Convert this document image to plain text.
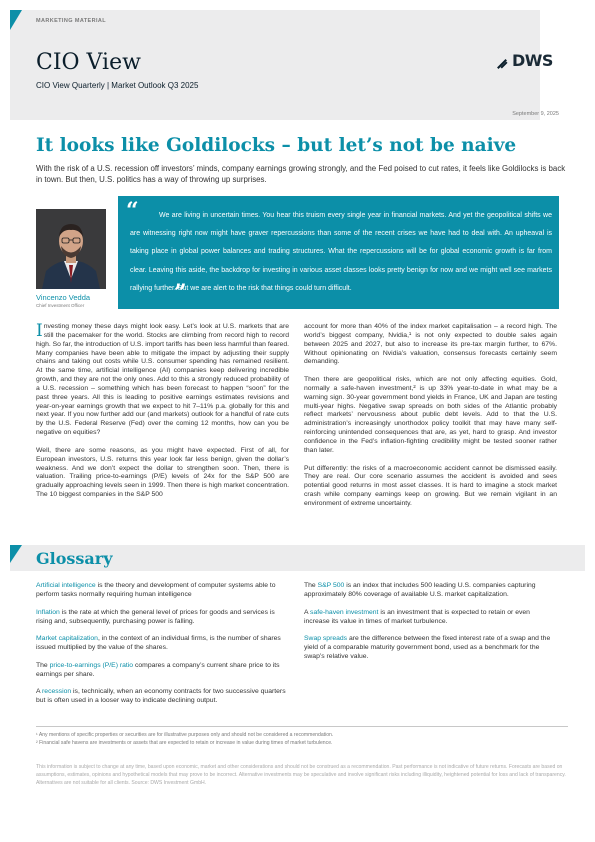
MARKETING MATERIAL
CIO View
CIO View Quarterly | Market Outlook Q3 2025
DWS
September 9, 2025
It looks like Goldilocks – but let’s not be naive

With the risk of a U.S. recession off investors’ minds, company earnings growing strongly, and the Fed poised to cut rates, it feels like Goldilocks is back in town. But then, U.S. politics has a way of throwing up surprises.

Vincenzo Vedda
Chief Investment Officer
“	We are living in uncertain times. You hear this truism every single year in financial markets. And yet the geopolitical shifts we are witnessing right now might have graver repercussions than some of the recent crises we have had to deal with. An upheaval is taking place in global power balances and trading structures. What the repercussions will be for global economic growth is far from clear. Leaving this aside, the backdrop for investing in various asset classes looks pretty benign for now and we might well see markets rallying further. But we are alert to the risk that things could turn difficult.

”

Investing money these days might look easy. Let’s look at U.S. markets that are still the pacemaker for the world. Stocks are climbing from record high to record high. So far, the introduction of U.S. import tariffs has been less harmful than feared. Many companies have been able to mitigate the impact by adjusting their supply chains and taking out costs while U.S. consumer spending has remained resilient. At the same time, artificial intelligence (AI) companies keep delivering incredible growth, and they are not the only ones. Add to this a strongly reduced probability of a U.S. recession – something which has been forecast to happen “soon” for the past three years. All this is leading to positive earnings estimates revisions and year-on-year earnings growth that we expect to hit 7–11% p.a. globally for this and next year. If you now further add our (and markets) outlook for a handful of rate cuts by the U.S. Federal Reserve (Fed) over the coming 12 months, how can you be negative on equities?

Well, there are some reasons, as you might have expected. First of all, for European investors, U.S. returns this year look far less benign, given the dollar’s weakness. And we don’t expect the dollar to strengthen soon. Then, there is valuation. Trailing price-to-earnings (P/E) levels of 24x for the S&P 500 are gradually approaching levels seen in 1999. Then there is high market concentration. The 10 biggest companies in the S&P 500

account for more than 40% of the index market capitalisation – a record high. The world’s biggest company, Nvidia,¹ is not only expected to double sales again between 2025 and 2027, but also to increase its pre-tax margin further, to 67%. Without opinionating on Nvidia’s valuation, consensus forecasts certainly seem demanding.

Then there are geopolitical risks, which are not only affecting equities. Gold, normally a safe-haven investment,² is up 33% year-to-date in what may be a warning sign. 30-year government bond yields in France, UK and Japan are testing multi-year highs. Negative swap spreads on both sides of the Atlantic probably reflect markets’ nervousness about public debt levels. Add to that the U.S. administration’s increasingly unorthodox policy toolkit that may have many self-reinforcing unintended consequences that are, as yet, hard to grasp. And investor confidence in the Fed’s inflation-fighting credibility might be tested sooner rather than later.

Put differently: the risks of a macroeconomic accident cannot be dismissed easily. They are real. Our core scenario assumes the accident is avoided and sees potential good returns in most asset classes. It is hard to imagine a stock market crash while company earnings keep on growing. But we remain vigilant in an environment of extreme uncertainty.

Glossary

Artificial intelligence is the theory and development of computer systems able to perform tasks normally requiring human intelligence

Inflation is the rate at which the general level of prices for goods and services is rising and, subsequently, purchasing power is falling.

Market capitalization, in the context of an individual firms, is the number of shares issued multiplied by the value of the shares.

The price-to-earnings (P/E) ratio compares a company’s current share price to its earnings per share.

A recession is, technically, when an economy contracts for two successive quarters but is often used in a looser way to indicate declining output.

The S&P 500 is an index that includes 500 leading U.S. companies capturing approximately 80% coverage of available U.S. market capitalization.

A safe-haven investment is an investment that is expected to retain or even increase its value in times of market turbulence.

Swap spreads are the difference between the fixed interest rate of a swap and the yield of a comparable maturity government bond, used as a benchmark for the swap’s relative value.

¹ Any mentions of specific properties or securities are for illustrative purposes only and should not be considered a recommendation.

² Financial safe havens are investments or assets that are expected to retain or increase in value during times of market turbulence.

This information is subject to change at any time, based upon economic, market and other considerations and should not be construed as a recommendation. Past performance is not indicative of future returns. Forecasts are based on assumptions, estimates, opinions and hypothetical models that may prove to be incorrect. Alternative investments may be speculative and involve significant risks including illiquidity, heightened potential for loss and lack of transparency. Alternatives are not suitable for all clients. Source: DWS Investment GmbH.
